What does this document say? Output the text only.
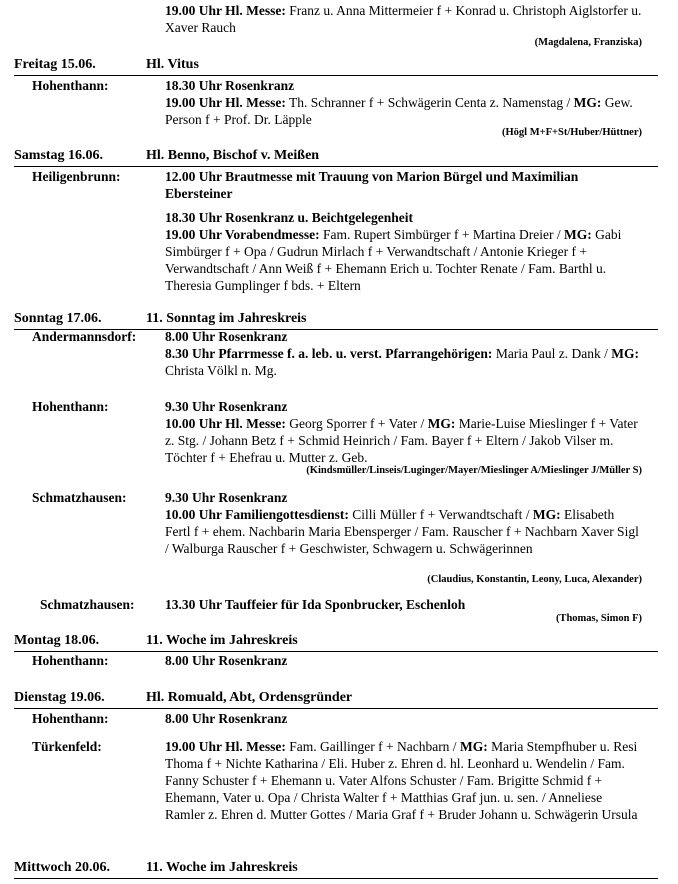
19.00 Uhr Hl. Messe: Franz u. Anna Mittermeier f + Konrad u. Christoph Aiglstorfer u. Xaver Rauch

(Magdalena, Franziska)
Freitag 15.06.	Hl. Vitus
Hohenthann:	18.30 Uhr Rosenkranz

19.00 Uhr Hl. Messe: Th. Schranner f + Schwägerin Centa z. Namenstag / MG: Gew. Person f + Prof. Dr. Läpple

(Högl M+F+St/Huber/Hüttner)
Samstag 16.06.	Hl. Benno, Bischof v. Meißen
Heiligenbrunn:	12.00 Uhr Brautmesse mit Trauung von Marion Bürgel und Maximilian Ebersteiner

18.30 Uhr Rosenkranz u. Beichtgelegenheit

19.00 Uhr Vorabendmesse: Fam. Rupert Simbürger f + Martina Dreier / MG: Gabi Simbürger f + Opa / Gudrun Mirlach f + Verwandtschaft / Antonie Krieger f + Verwandtschaft / Ann Weiß f + Ehemann Erich u. Tochter Renate / Fam. Barthl u. Theresia Gumplinger f bds. + Eltern

Sonntag 17.06.	11. Sonntag im Jahreskreis
Andermannsdorf: 8.00 Uhr Rosenkranz

8.30 Uhr Pfarrmesse f. a. leb. u. verst. Pfarrangehörigen: Maria Paul z. Dank / MG: Christa Völkl n. Mg.

Hohenthann:	9.30 Uhr Rosenkranz

10.00 Uhr Hl. Messe: Georg Sporrer f + Vater / MG: Marie-Luise Mieslinger f + Vater z. Stg. / Johann Betz f + Schmid Heinrich / Fam. Bayer f + Eltern / Jakob Vilser m. Töchter f + Ehefrau u. Mutter z. Geb.

(Kindsmüller/Linseis/Luginger/Mayer/Mieslinger A/Mieslinger J/Müller S)
Schmatzhausen:	9.30 Uhr Rosenkranz

10.00 Uhr Familiengottesdienst: Cilli Müller f + Verwandtschaft / MG: Elisabeth Fertl f + ehem. Nachbarin Maria Ebensperger / Fam. Rauscher f + Nachbarn Xaver Sigl / Walburga Rauscher f + Geschwister, Schwagern u. Schwägerinnen

(Claudius, Konstantin, Leony, Luca, Alexander)
Schmatzhausen: 13.30 Uhr Tauffeier für Ida Sponbrucker, Eschenloh

(Thomas, Simon F)
Montag 18.06.	11. Woche im Jahreskreis
Hohenthann:	8.00 Uhr Rosenkranz

Dienstag 19.06.	Hl. Romuald, Abt, Ordensgründer
Hohenthann:	8.00 Uhr Rosenkranz

Türkenfeld:	19.00 Uhr Hl. Messe: Fam. Gaillinger f + Nachbarn / MG: Maria Stempfhuber u. Resi Thoma f + Nichte Katharina / Eli. Huber z. Ehren d. hl. Leonhard u. Wendelin / Fam. Fanny Schuster f + Ehemann u. Vater Alfons Schuster / Fam. Brigitte Schmid f + Ehemann, Vater u. Opa / Christa Walter f + Matthias Graf jun. u. sen. / Anneliese Ramler z. Ehren d. Mutter Gottes / Maria Graf f + Bruder Johann u. Schwägerin Ursula

Mittwoch 20.06.	11. Woche im Jahreskreis
